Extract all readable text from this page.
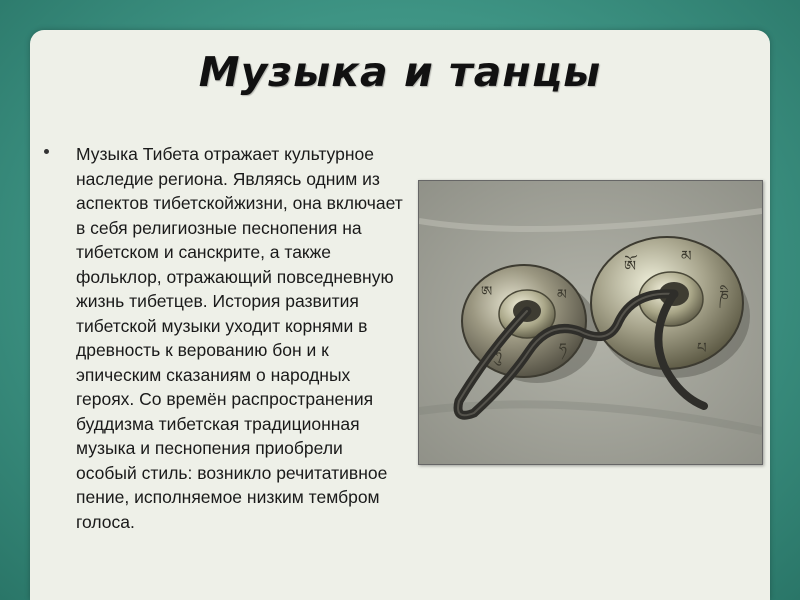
Музыка и танцы

Музыка Тибета отражает культурное наследие региона. Являясь одним из аспектов тибетскойжизни, она включает в себя религиозные песнопения на тибетском и санскрите, а также фольклор, отражающий повседневную жизнь тибетцев. История развития тибетской музыки уходит корнями в древность к верованию бон и к эпическим сказаниям о народных героях. Со времён распространения буддизма тибетская традиционная музыка и песнопения приобрели особый стиль: возникло речитативное пение, исполняемое низким тембром голоса.

ཨ	མ
ཧ
ཧུ
ཨོ
མ
ཎི
པ
